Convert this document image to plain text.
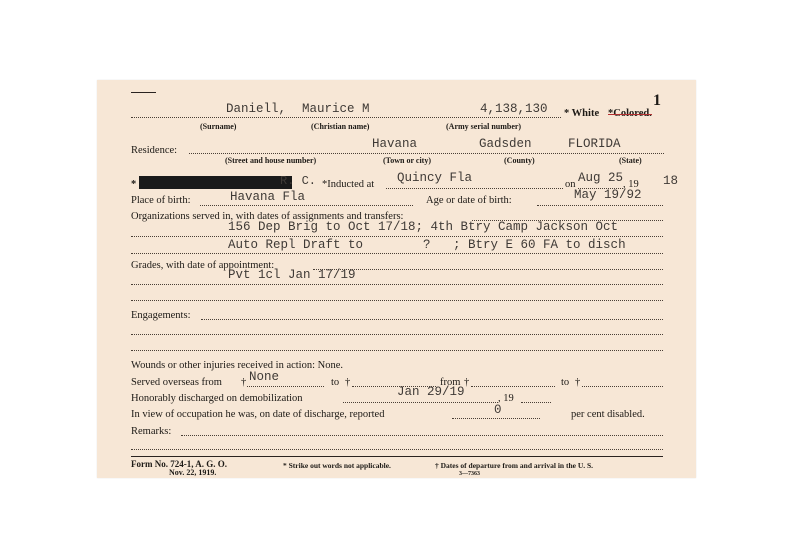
1
Daniell, Maurice M	4,138,130 * White *Colored.
(Surname)	(Christian name)	(Army serial number)
Residence:	Havana	Gadsden	FLORIDA
(Street and house number)	(Town or city)	(County)	(State)
*	R. C. *Inducted at Quincy Fla	on Aug 25 , 19 18
Place of birth:	Havana Fla	Age or date of birth:	May 19/92
Organizations served in, with dates of assignments and transfers:
156 Dep Brig to Oct 17/18; 4th Btry Camp Jackson Oct
Auto Repl Draft to        ?   ; Btry E 60 FA to disch
Grades, with date of appointment:
Pvt 1cl Jan 17/19
Engagements:
Wounds or other injuries received in action: None.
Served overseas from † None	to †	from †	to †
Honorably discharged on demobilization	Jan 29/19	, 19
In view of occupation he was, on date of discharge, reported	0	per cent disabled.
Remarks:
Form No. 724-1, A. G. O.
Nov. 22, 1919.
* Strike out words not applicable.	† Dates of departure from and arrival in the U. S.
3—7363
